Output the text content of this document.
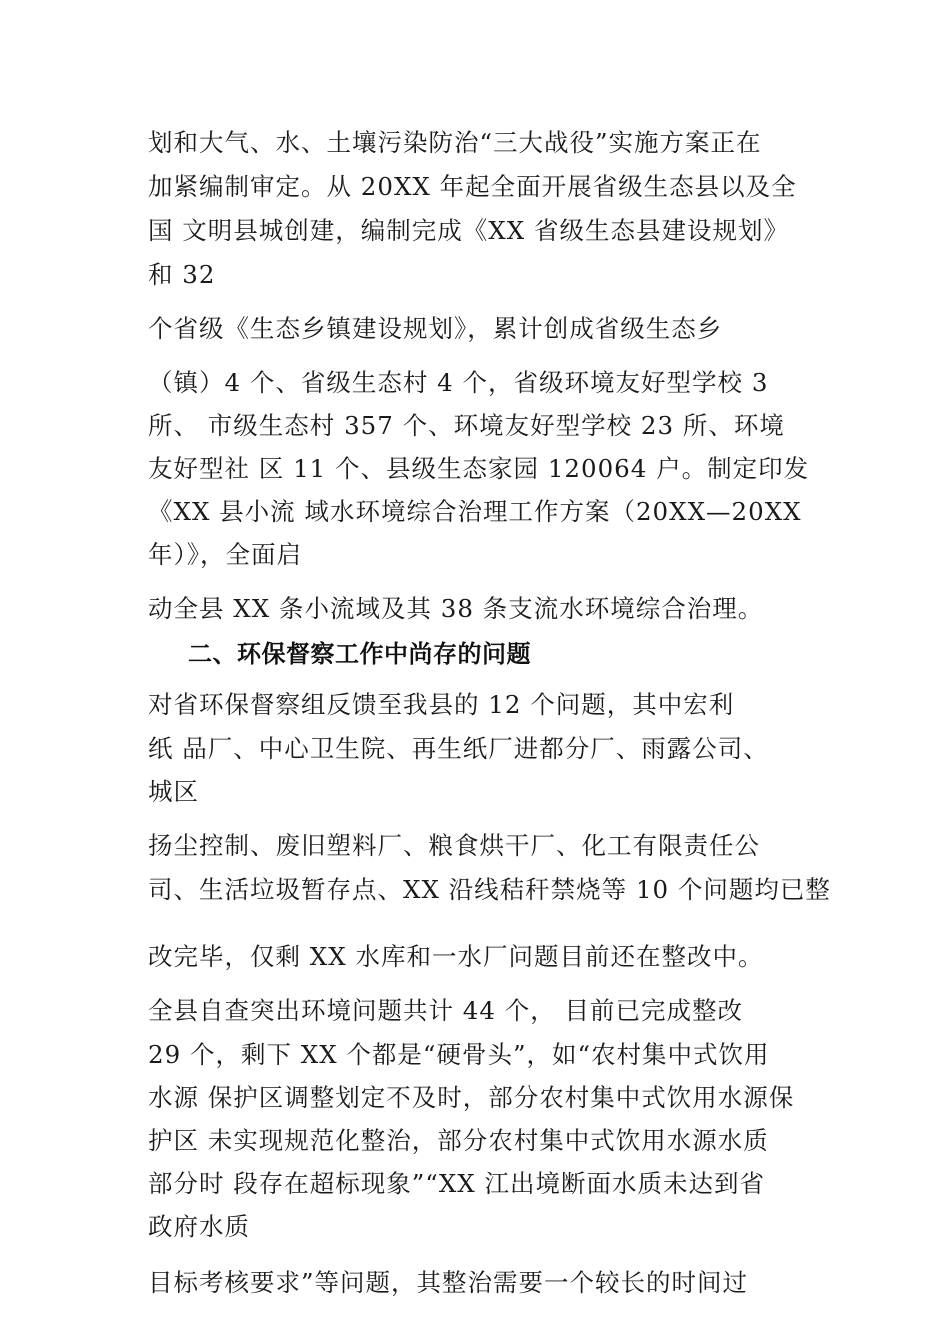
划和大气、水、土壤污染防治“三大战役”实施方案正在
加紧编制审定。从 20XX 年起全面开展省级生态县以及全
国 文明县城创建，编制完成《XX 省级生态县建设规划》
和 32
个省级《生态乡镇建设规划》，累计创成省级生态乡
（镇）4 个、省级生态村 4 个，省级环境友好型学校 3
所、 市级生态村 357 个、环境友好型学校 23 所、环境
友好型社 区 11 个、县级生态家园 120064 户。制定印发
《XX 县小流 域水环境综合治理工作方案（20XX—20XX
年）》，全面启
动全县 XX 条小流域及其 38 条支流水环境综合治理。
二、环保督察工作中尚存的问题
对省环保督察组反馈至我县的 12 个问题，其中宏利
纸 品厂、中心卫生院、再生纸厂进都分厂、雨露公司、
城区
扬尘控制、废旧塑料厂、粮食烘干厂、化工有限责任公
司、生活垃圾暂存点、XX 沿线秸秆禁烧等 10 个问题均已整
改完毕，仅剩 XX 水库和一水厂问题目前还在整改中。
全县自查突出环境问题共计 44 个， 目前已完成整改
29 个，剩下 XX 个都是“硬骨头”，如“农村集中式饮用
水源 保护区调整划定不及时，部分农村集中式饮用水源保
护区 未实现规范化整治，部分农村集中式饮用水源水质
部分时 段存在超标现象”“XX 江出境断面水质未达到省
政府水质
目标考核要求”等问题，其整治需要一个较长的时间过
